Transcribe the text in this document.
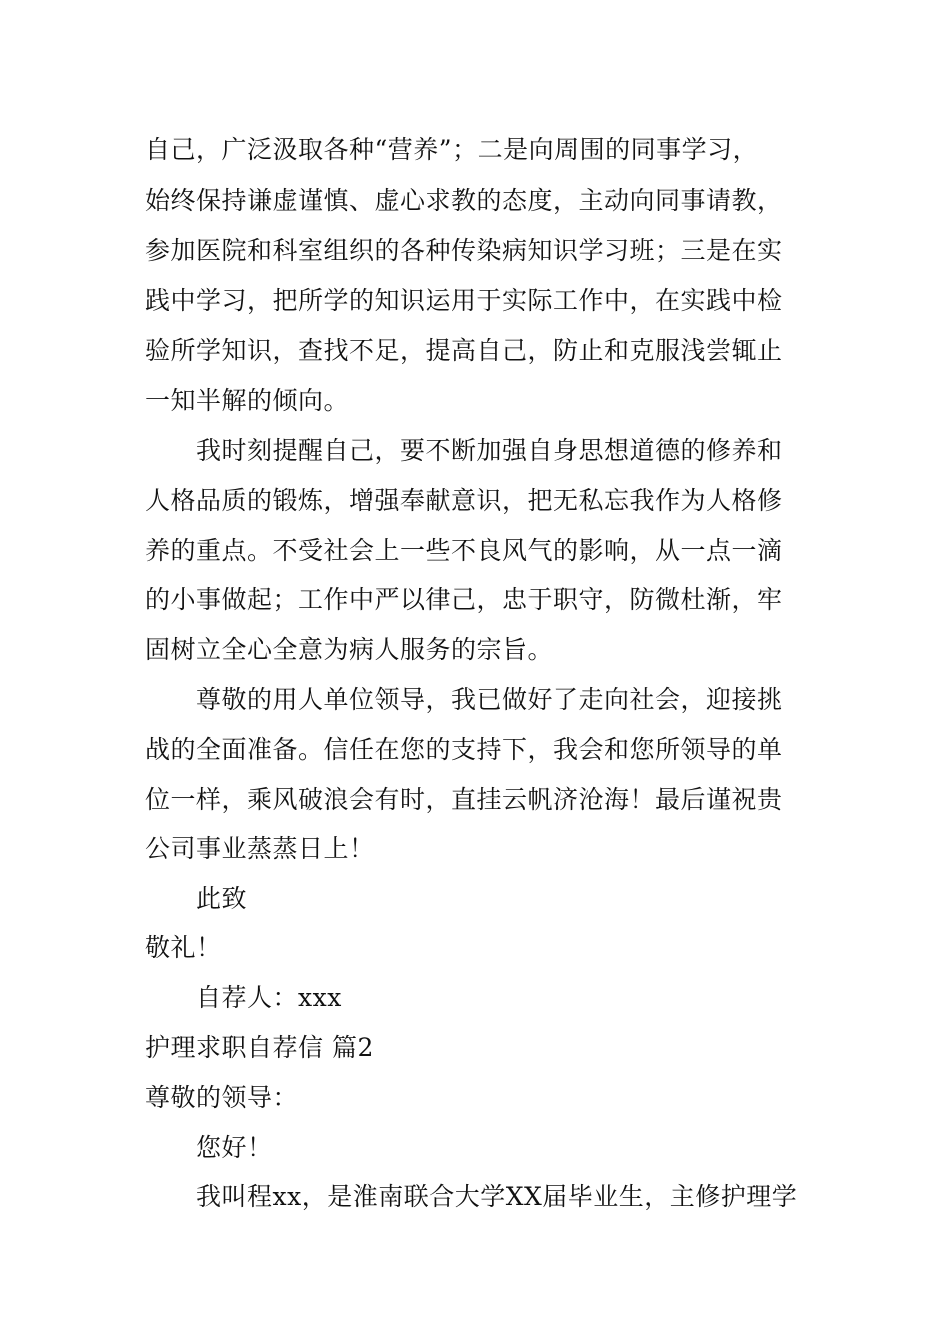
自己，广泛汲取各种“营养”；二是向周围的同事学习，
始终保持谦虚谨慎、虚心求教的态度，主动向同事请教，
参加医院和科室组织的各种传染病知识学习班；三是在实
践中学习，把所学的知识运用于实际工作中，在实践中检
验所学知识，查找不足，提高自己，防止和克服浅尝辄止
一知半解的倾向。
我时刻提醒自己，要不断加强自身思想道德的修养和
人格品质的锻炼，增强奉献意识，把无私忘我作为人格修
养的重点。不受社会上一些不良风气的影响，从一点一滴
的小事做起；工作中严以律己，忠于职守，防微杜渐，牢
固树立全心全意为病人服务的宗旨。
尊敬的用人单位领导，我已做好了走向社会，迎接挑
战的全面准备。信任在您的支持下，我会和您所领导的单
位一样，乘风破浪会有时，直挂云帆济沧海！最后谨祝贵
公司事业蒸蒸日上！
此致
敬礼！
自荐人：xxx
护理求职自荐信 篇2
尊敬的领导：
您好！
我叫程xx，是淮南联合大学XX届毕业生，主修护理学
